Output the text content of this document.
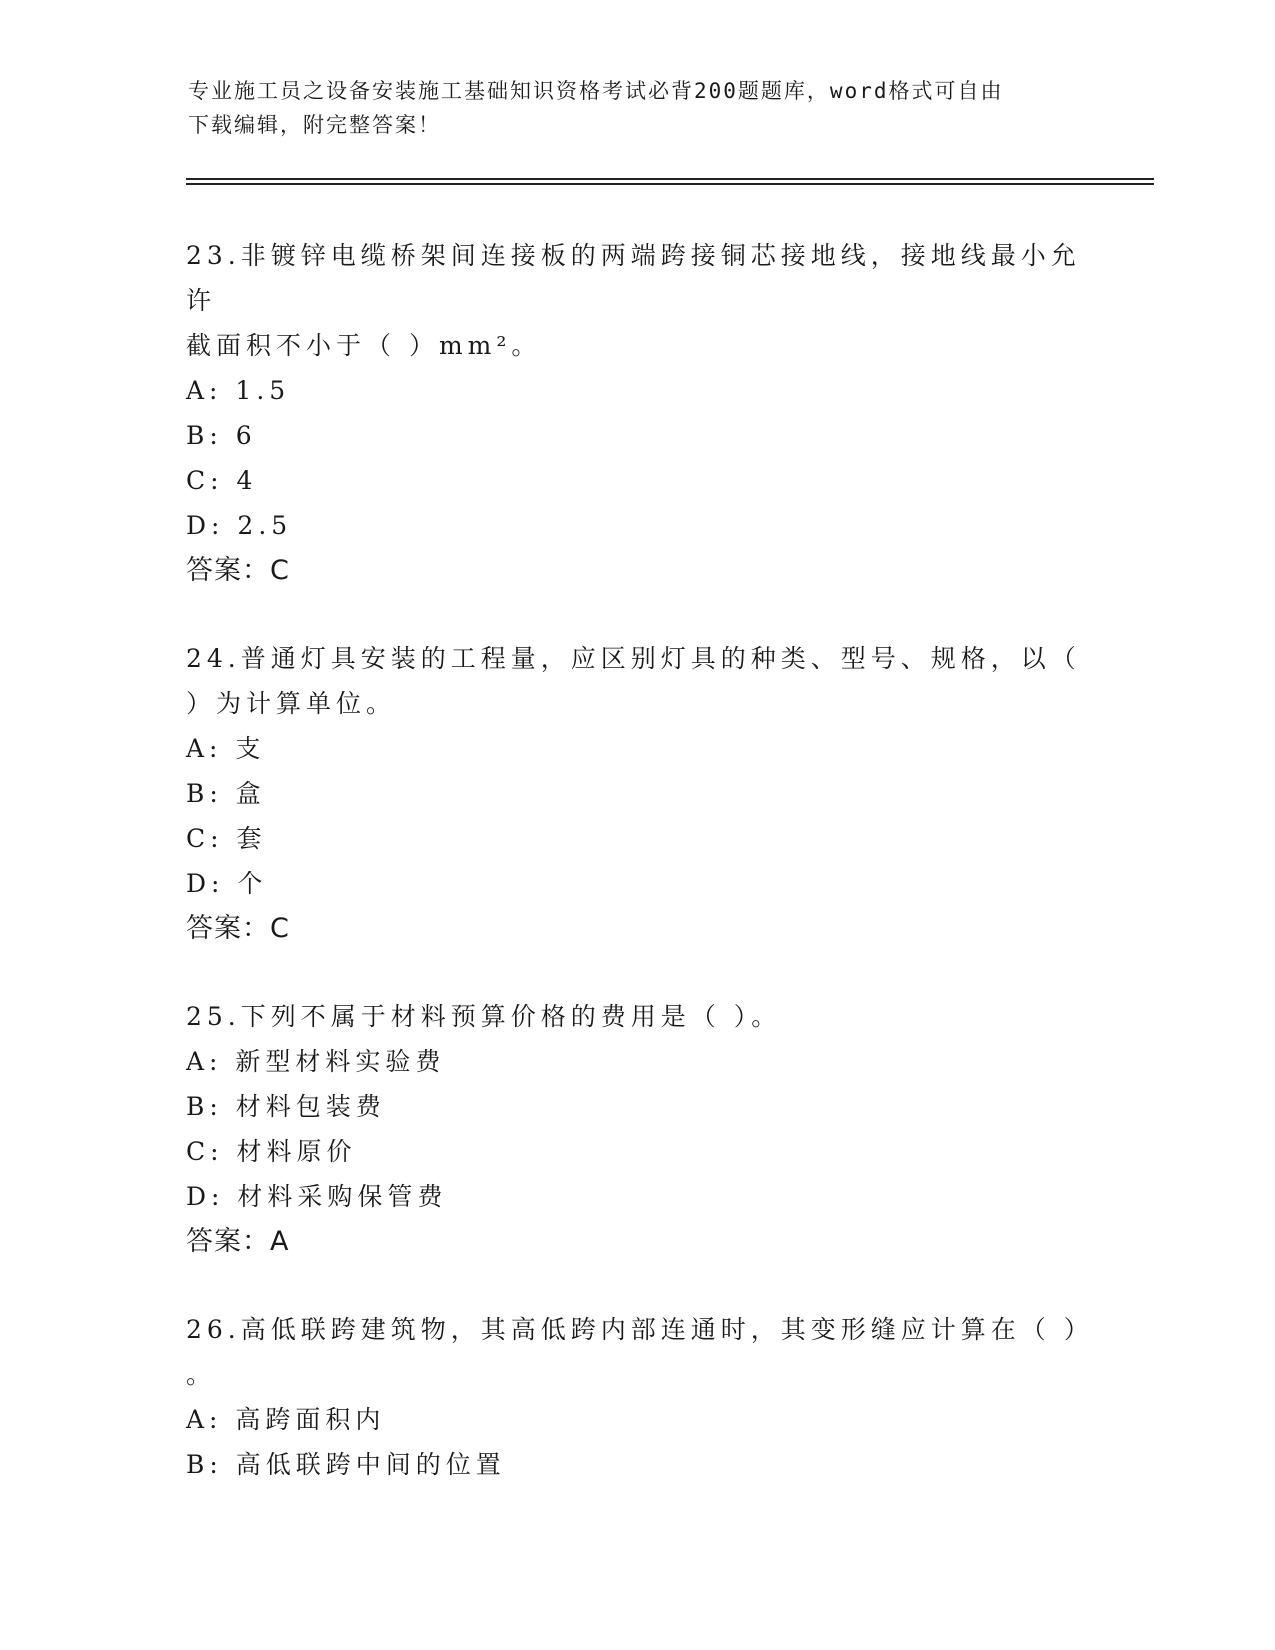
专业施工员之设备安装施工基础知识资格考试必背200题题库，word格式可自由
下载编辑，附完整答案！
23.非镀锌电缆桥架间连接板的两端跨接铜芯接地线，接地线最小允许
截面积不小于（ ）mm²。
A: 1.5
B: 6
C: 4
D: 2.5
答案：C
24.普通灯具安装的工程量，应区别灯具的种类、型号、规格，以（
）为计算单位。
A: 支
B: 盒
C: 套
D: 个
答案：C
25.下列不属于材料预算价格的费用是（ ）。
A: 新型材料实验费
B: 材料包装费
C: 材料原价
D: 材料采购保管费
答案：A
26.高低联跨建筑物，其高低跨内部连通时，其变形缝应计算在（ ）
。
A: 高跨面积内
B: 高低联跨中间的位置
